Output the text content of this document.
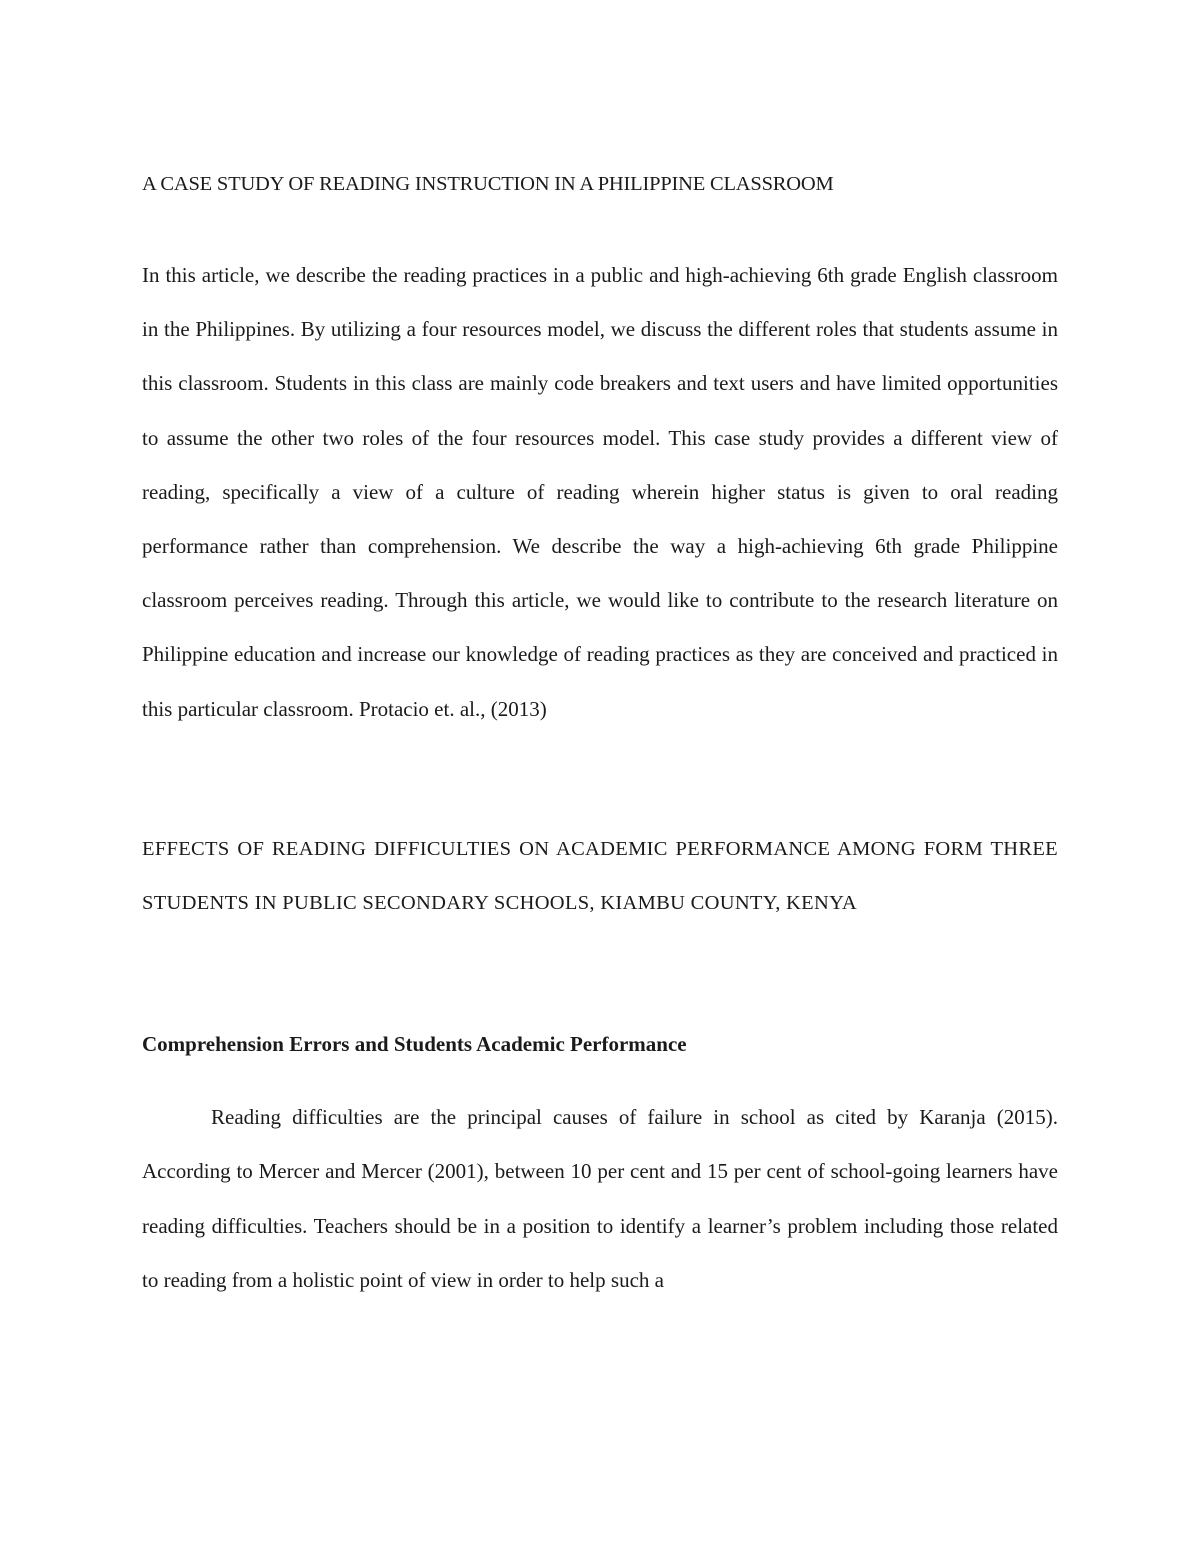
A CASE STUDY OF READING INSTRUCTION IN A PHILIPPINE CLASSROOM

In this article, we describe the reading practices in a public and high-achieving 6th grade English classroom in the Philippines. By utilizing a four resources model, we discuss the different roles that students assume in this classroom. Students in this class are mainly code breakers and text users and have limited opportunities to assume the other two roles of the four resources model. This case study provides a different view of reading, specifically a view of a culture of reading wherein higher status is given to oral reading performance rather than comprehension. We describe the way a high-achieving 6th grade Philippine classroom perceives reading. Through this article, we would like to contribute to the research literature on Philippine education and increase our knowledge of reading practices as they are conceived and practiced in this particular classroom. Protacio et. al., (2013)

EFFECTS OF READING DIFFICULTIES ON ACADEMIC PERFORMANCE AMONG FORM THREE STUDENTS IN PUBLIC SECONDARY SCHOOLS, KIAMBU COUNTY, KENYA

Comprehension Errors and Students Academic Performance

Reading difficulties are the principal causes of failure in school as cited by Karanja (2015). According to Mercer and Mercer (2001), between 10 per cent and 15 per cent of school-going learners have reading difficulties. Teachers should be in a position to identify a learner’s problem including those related to reading from a holistic point of view in order to help such a
